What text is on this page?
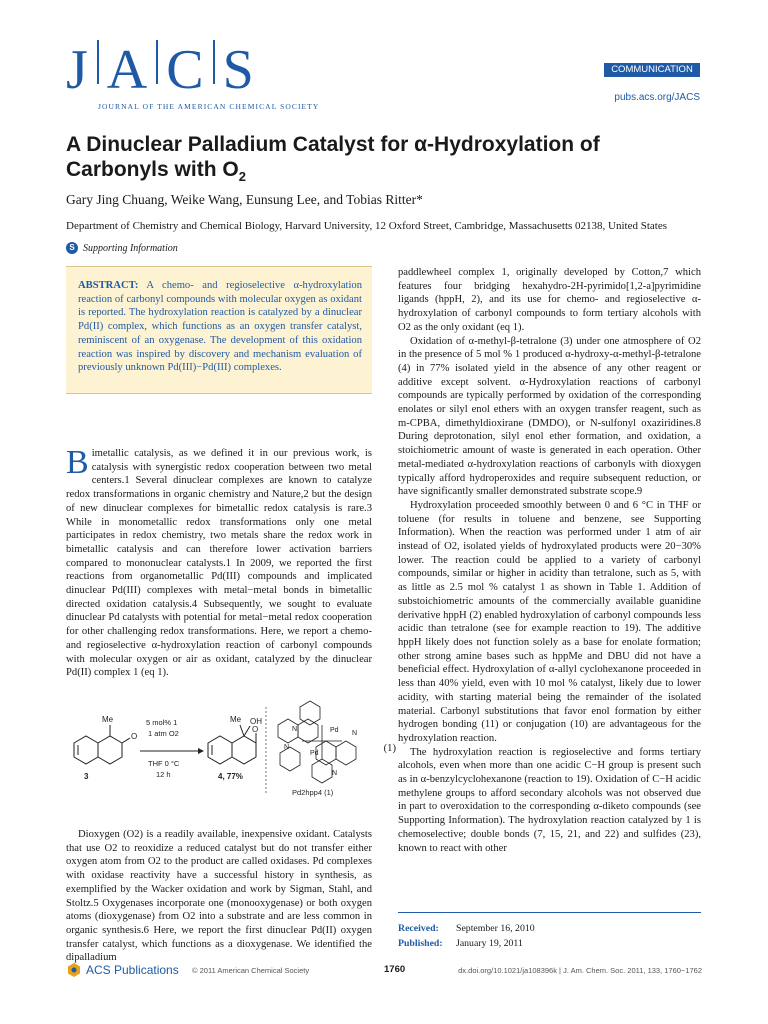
J A C S
JOURNAL OF THE AMERICAN CHEMICAL SOCIETY
COMMUNICATION
pubs.acs.org/JACS
A Dinuclear Palladium Catalyst for α-Hydroxylation of
Carbonyls with $O_2$
Gary Jing Chuang, Weike Wang, Eunsung Lee, and Tobias Ritter*
Department of Chemistry and Chemical Biology, Harvard University, 12 Oxford Street, Cambridge, Massachusetts 02138, United States
S Supporting Information
ABSTRACT: A chemo- and regioselective α-hydroxylation reaction of carbonyl compounds with molecular oxygen as oxidant is reported. The hydroxylation reaction is catalyzed by a dinuclear Pd(II) complex, which functions as an oxygen transfer catalyst, reminiscent of an oxygenase. The development of this oxidation reaction was inspired by discovery and mechanism evaluation of previously unknown Pd(III)−Pd(III) complexes.

Bimetallic catalysis, as we defined it in our previous work, is catalysis with synergistic redox cooperation between two metal centers.1 Several dinuclear complexes are known to catalyze redox transformations in organic chemistry and Nature,2 but the design of new dinuclear complexes for bimetallic redox catalysis is rare.3 While in monometallic redox transformations only one metal participates in redox chemistry, two metals share the redox work in bimetallic catalysis and can therefore lower activation barriers compared to mononuclear catalysts.1 In 2009, we reported the first reactions from organometallic Pd(III) compounds and implicated dinuclear Pd(III) complexes with metal−metal bonds in bimetallic directed oxidation catalysis.4 Subsequently, we sought to evaluate dinuclear Pd catalysts with potential for metal−metal redox cooperation for other challenging redox transformations. Here, we report a chemo- and regioselective α-hydroxylation reaction of carbonyl compounds with molecular oxygen or air as oxidant, catalyzed by the dinuclear Pd(II) complex 1 (eq 1).

Me
O
3
5 mol% 1
1 atm O2
THF 0 °C
12 h
Me OH
O
4, 77%
Pd
Pd
N
N
N
N
Pd2hpp4 (1)
(1)

Dioxygen (O2) is a readily available, inexpensive oxidant. Catalysts that use O2 to reoxidize a reduced catalyst but do not transfer either oxygen atom from O2 to the product are called oxidases. Pd complexes with oxidase reactivity have a successful history in synthesis, as exemplified by the Wacker oxidation and work by Sigman, Stahl, and Stoltz.5 Oxygenases incorporate one (monooxygenase) or both oxygen atoms (dioxygenase) from O2 into a substrate and are less common in organic synthesis.6 Here, we report the first dinuclear Pd(II) oxygen transfer catalyst, which functions as a dioxygenase. We identified the dipalladium

paddlewheel complex 1, originally developed by Cotton,7 which features four bridging hexahydro-2H-pyrimido[1,2-a]pyrimidine ligands (hppH, 2), and its use for chemo- and regioselective α-hydroxylation of carbonyl compounds to form tertiary alcohols with O2 as the only oxidant (eq 1).

Oxidation of α-methyl-β-tetralone (3) under one atmosphere of O2 in the presence of 5 mol % 1 produced α-hydroxy-α-methyl-β-tetralone (4) in 77% isolated yield in the absence of any other reagent or additive except solvent. α-Hydroxylation reactions of carbonyl compounds are typically performed by oxidation of the corresponding enolates or silyl enol ethers with an oxygen transfer reagent, such as m-CPBA, dimethyldioxirane (DMDO), or N-sulfonyl oxaziridines.8 During deprotonation, silyl enol ether formation, and oxidation, a stoichiometric amount of waste is generated in each operation. Other metal-mediated α-hydroxylation reactions of carbonyls with dioxygen typically afford hydroperoxides and require subsequent reduction, or have significantly smaller demonstrated substrate scope.9

Hydroxylation proceeded smoothly between 0 and 6 °C in THF or toluene (for results in toluene and benzene, see Supporting Information). When the reaction was performed under 1 atm of air instead of O2, isolated yields of hydroxylated products were 20−30% lower. The reaction could be applied to a variety of carbonyl compounds, similar or higher in acidity than tetralone, such as 5, with as little as 2.5 mol % catalyst 1 as shown in Table 1. Addition of substoichiometric amounts of the commercially available guanidine derivative hppH (2) enabled hydroxylation of carbonyl compounds less acidic than tetralone (see for example reaction to 19). The additive hppH likely does not function solely as a base for enolate formation; other strong amine bases such as hppMe and DBU did not have a beneficial effect. Hydroxylation of α-allyl cyclohexanone proceeded in less than 40% yield, even with 10 mol % catalyst, likely due to lower acidity, with starting material being the remainder of the isolated material. Carbonyl substitutions that favor enol formation by either hydrogen bonding (11) or conjugation (10) are advantageous for the hydroxylation reaction.

The hydroxylation reaction is regioselective and forms tertiary alcohols, even when more than one acidic C−H group is present such as in α-benzylcyclohexanone (reaction to 19). Oxidation of C−H acidic methylene groups to afford secondary alcohols was not observed due in part to overoxidation to the corresponding α-diketo compounds (see Supporting Information). The hydroxylation reaction catalyzed by 1 is chemoselective; double bonds (7, 15, 21, and 22) and sulfides (23), known to react with other

Received: September 16, 2010
Published: January 19, 2011
ACS Publications © 2011 American Chemical Society	1760	dx.doi.org/10.1021/ja108396k | J. Am. Chem. Soc. 2011, 133, 1760−1762
